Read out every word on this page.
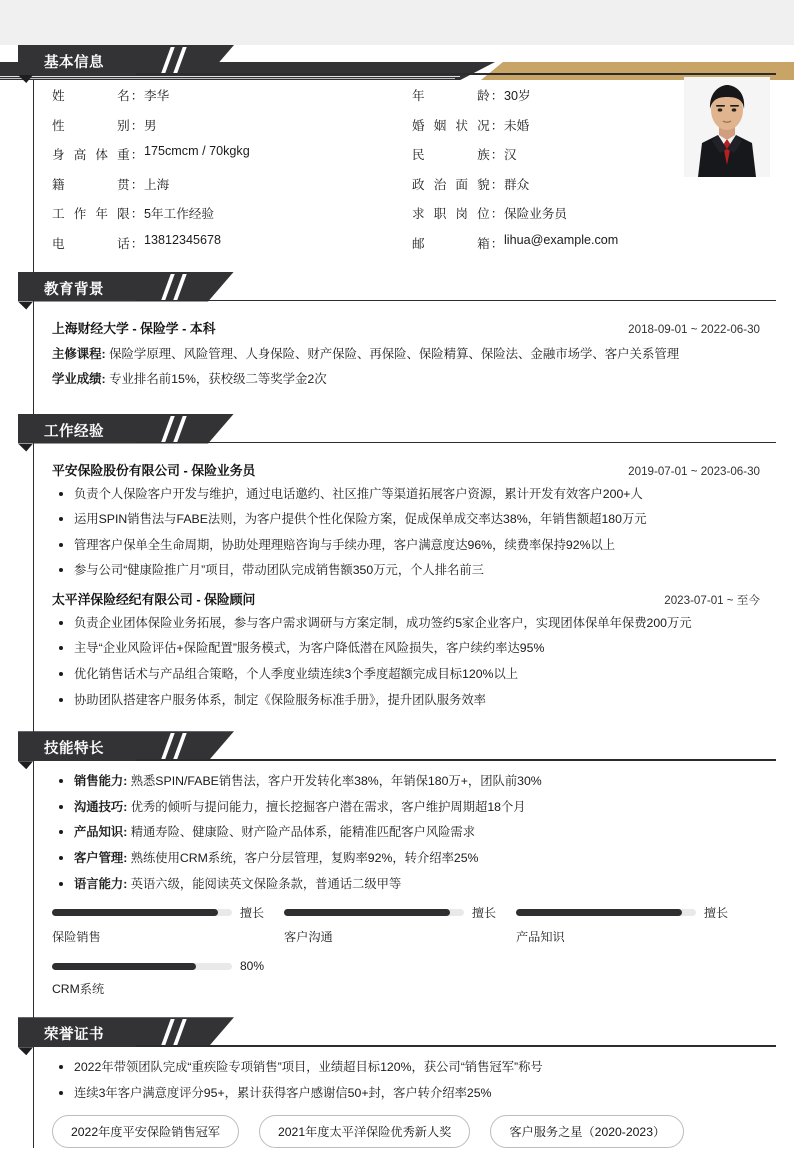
基本信息
姓名 ： 李华	年龄 ： 30岁
性别 ： 男	婚姻状况 ： 未婚
身高体重 ： 175cmcm / 70kgkg	民族 ： 汉
籍贯 ： 上海	政治面貌 ： 群众
工作年限 ： 5年工作经验	求职岗位 ： 保险业务员
电话 ： 13812345678	邮箱 ： lihua@example.com
教育背景
上海财经大学 - 保险学 - 本科	2018-09-01 ~ 2022-06-30
主修课程: 保险学原理、风险管理、人身保险、财产保险、再保险、保险精算、保险法、金融市场学、客户关系管理
学业成绩: 专业排名前15%，获校级二等奖学金2次
工作经验
平安保险股份有限公司 - 保险业务员	2019-07-01 ~ 2023-06-30
负责个人保险客户开发与维护，通过电话邀约、社区推广等渠道拓展客户资源，累计开发有效客户200+人
运用SPIN销售法与FABE法则，为客户提供个性化保险方案，促成保单成交率达38%，年销售额超180万元
管理客户保单全生命周期，协助处理理赔咨询与手续办理，客户满意度达96%，续费率保持92%以上
参与公司“健康险推广月”项目，带动团队完成销售额350万元，个人排名前三
太平洋保险经纪有限公司 - 保险顾问	2023-07-01 ~ 至今
负责企业团体保险业务拓展，参与客户需求调研与方案定制，成功签约5家企业客户，实现团体保单年保费200万元
主导“企业风险评估+保险配置”服务模式，为客户降低潜在风险损失，客户续约率达95%
优化销售话术与产品组合策略，个人季度业绩连续3个季度超额完成目标120%以上
协助团队搭建客户服务体系，制定《保险服务标准手册》，提升团队服务效率
技能特长
销售能力: 熟悉SPIN/FABE销售法，客户开发转化率38%，年销保180万+，团队前30%
沟通技巧: 优秀的倾听与提问能力，擅长挖掘客户潜在需求，客户维护周期超18个月
产品知识: 精通寿险、健康险、财产险产品体系，能精准匹配客户风险需求
客户管理: 熟练使用CRM系统，客户分层管理，复购率92%，转介绍率25%
语言能力: 英语六级，能阅读英文保险条款，普通话二级甲等
擅长
保险销售
擅长
客户沟通
擅长
产品知识
80%
CRM系统
荣誉证书
2022年带领团队完成“重疾险专项销售”项目，业绩超目标120%，获公司“销售冠军”称号
连续3年客户满意度评分95+，累计获得客户感谢信50+封，客户转介绍率25%
2022年度平安保险销售冠军	2021年度太平洋保险优秀新人奖	客户服务之星（2020-2023）
